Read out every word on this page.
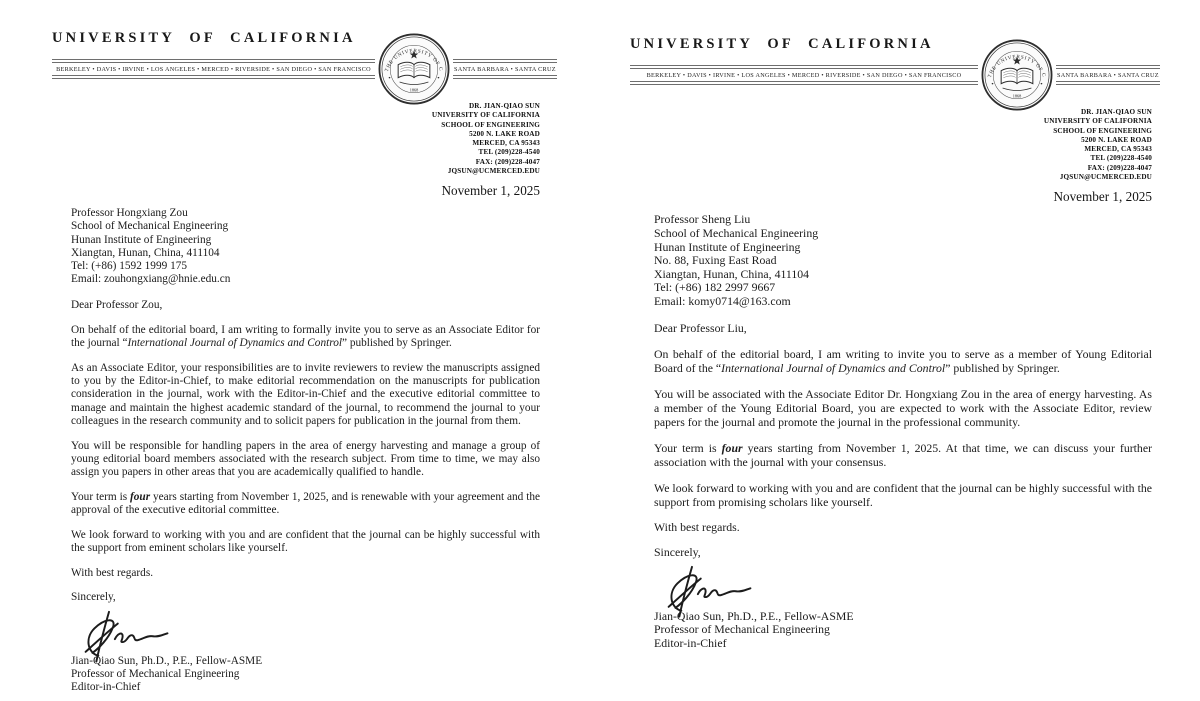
UNIVERSITY OF CALIFORNIA
BERKELEY • DAVIS • IRVINE • LOS ANGELES • MERCED • RIVERSIDE • SAN DIEGO • SAN FRANCISCO	SANTA BARBARA • SANTA CRUZ
DR. JIAN-QIAO SUN
UNIVERSITY OF CALIFORNIA
SCHOOL OF ENGINEERING
5200 N. LAKE ROAD
MERCED, CA 95343
TEL (209)228-4540
FAX: (209)228-4047
JQSUN@UCMERCED.EDU
November 1, 2025
Professor Hongxiang Zou
School of Mechanical Engineering
Hunan Institute of Engineering
Xiangtan, Hunan, China, 411104
Tel: (+86) 1592 1999 175
Email: zouhongxiang@hnie.edu.cn
Dear Professor Zou,

On behalf of the editorial board, I am writing to formally invite you to serve as an Associate Editor for the journal “International Journal of Dynamics and Control” published by Springer.

As an Associate Editor, your responsibilities are to invite reviewers to review the manuscripts assigned to you by the Editor-in-Chief, to make editorial recommendation on the manuscripts for publication consideration in the journal, work with the Editor-in-Chief and the executive editorial committee to manage and maintain the highest academic standard of the journal, to recommend the journal to your colleagues in the research community and to solicit papers for publication in the journal from them.

You will be responsible for handling papers in the area of energy harvesting and manage a group of young editorial board members associated with the research subject. From time to time, we may also assign you papers in other areas that you are academically qualified to handle.

Your term is four years starting from November 1, 2025, and is renewable with your agreement and the approval of the executive editorial committee.

We look forward to working with you and are confident that the journal can be highly successful with the support from eminent scholars like yourself.

With best regards.
Sincerely,
Jian-Qiao Sun, Ph.D., P.E., Fellow-ASME
Professor of Mechanical Engineering
Editor-in-Chief
UNIVERSITY OF CALIFORNIA
BERKELEY • DAVIS • IRVINE • LOS ANGELES • MERCED • RIVERSIDE • SAN DIEGO • SAN FRANCISCO	SANTA BARBARA • SANTA CRUZ
DR. JIAN-QIAO SUN
UNIVERSITY OF CALIFORNIA
SCHOOL OF ENGINEERING
5200 N. LAKE ROAD
MERCED, CA 95343
TEL (209)228-4540
FAX: (209)228-4047
JQSUN@UCMERCED.EDU
November 1, 2025
Professor Sheng Liu
School of Mechanical Engineering
Hunan Institute of Engineering
No. 88, Fuxing East Road
Xiangtan, Hunan, China, 411104
Tel: (+86) 182 2997 9667
Email: komy0714@163.com
Dear Professor Liu,

On behalf of the editorial board, I am writing to invite you to serve as a member of Young Editorial Board of the “International Journal of Dynamics and Control” published by Springer.

You will be associated with the Associate Editor Dr. Hongxiang Zou in the area of energy harvesting. As a member of the Young Editorial Board, you are expected to work with the Associate Editor, review papers for the journal and promote the journal in the professional community.

Your term is four years starting from November 1, 2025. At that time, we can discuss your further association with the journal with your consensus.

We look forward to working with you and are confident that the journal can be highly successful with the support from promising scholars like yourself.

With best regards.
Sincerely,
Jian-Qiao Sun, Ph.D., P.E., Fellow-ASME
Professor of Mechanical Engineering
Editor-in-Chief
